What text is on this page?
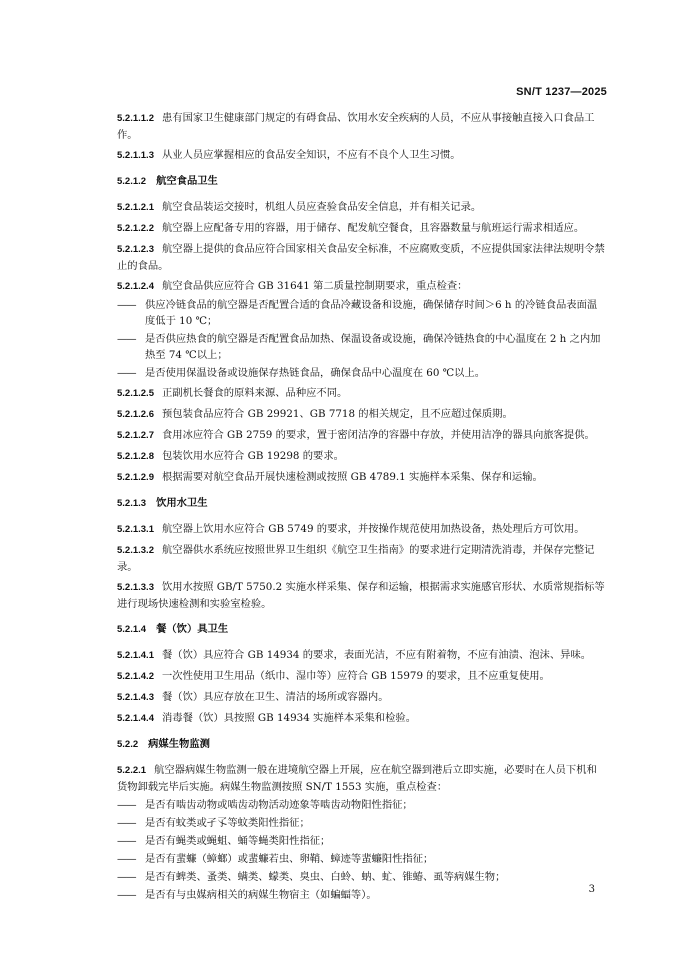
SN/T 1237—2025
5.2.1.1.2 患有国家卫生健康部门规定的有碍食品、饮用水安全疾病的人员，不应从事接触直接入口食品工作。
5.2.1.1.3 从业人员应掌握相应的食品安全知识，不应有不良个人卫生习惯。
5.2.1.2 航空食品卫生
5.2.1.2.1 航空食品装运交接时，机组人员应查验食品安全信息，并有相关记录。
5.2.1.2.2 航空器上应配备专用的容器，用于储存、配发航空餐食，且容器数量与航班运行需求相适应。
5.2.1.2.3 航空器上提供的食品应符合国家相关食品安全标准，不应腐败变质，不应提供国家法律法规明令禁止的食品。
5.2.1.2.4 航空食品供应应符合 GB 31641 第二质量控制期要求，重点检查：
—— 供应冷链食品的航空器是否配置合适的食品冷藏设备和设施，确保储存时间＞6 h 的冷链食品表面温度低于 10 ℃；
—— 是否供应热食的航空器是否配置食品加热、保温设备或设施，确保冷链热食的中心温度在 2 h 之内加热至 74 ℃以上；
—— 是否使用保温设备或设施保存热链食品，确保食品中心温度在 60 ℃以上。
5.2.1.2.5 正副机长餐食的原料来源、品种应不同。
5.2.1.2.6 预包装食品应符合 GB 29921、GB 7718 的相关规定，且不应超过保质期。
5.2.1.2.7 食用冰应符合 GB 2759 的要求，置于密闭洁净的容器中存放，并使用洁净的器具向旅客提供。
5.2.1.2.8 包装饮用水应符合 GB 19298 的要求。
5.2.1.2.9 根据需要对航空食品开展快速检测或按照 GB 4789.1 实施样本采集、保存和运输。
5.2.1.3 饮用水卫生
5.2.1.3.1 航空器上饮用水应符合 GB 5749 的要求，并按操作规范使用加热设备，热处理后方可饮用。
5.2.1.3.2 航空器供水系统应按照世界卫生组织《航空卫生指南》的要求进行定期清洗消毒，并保存完整记录。
5.2.1.3.3 饮用水按照 GB/T 5750.2 实施水样采集、保存和运输，根据需求实施感官形状、水质常规指标等进行现场快速检测和实验室检验。
5.2.1.4 餐（饮）具卫生
5.2.1.4.1 餐（饮）具应符合 GB 14934 的要求，表面光洁，不应有附着物，不应有油渍、泡沫、异味。
5.2.1.4.2 一次性使用卫生用品（纸巾、湿巾等）应符合 GB 15979 的要求，且不应重复使用。
5.2.1.4.3 餐（饮）具应存放在卫生、清洁的场所或容器内。
5.2.1.4.4 消毒餐（饮）具按照 GB 14934 实施样本采集和检验。
5.2.2 病媒生物监测
5.2.2.1 航空器病媒生物监测一般在进境航空器上开展，应在航空器到港后立即实施，必要时在人员下机和货物卸载完毕后实施。病媒生物监测按照 SN/T 1553 实施，重点检查：
—— 是否有啮齿动物或啮齿动物活动迹象等啮齿动物阳性指征；
—— 是否有蚊类或孑孓等蚊类阳性指征；
—— 是否有蝇类或蝇蛆、蛹等蝇类阳性指征；
—— 是否有蜚蠊（蟑螂）或蜚蠊若虫、卵鞘、蟑迹等蜚蠊阳性指征；
—— 是否有蜱类、蚤类、螨类、蠓类、臭虫、白蛉、蚋、虻、锥蝽、虱等病媒生物；
—— 是否有与虫媒病相关的病媒生物宿主（如蝙蝠等）。	3
